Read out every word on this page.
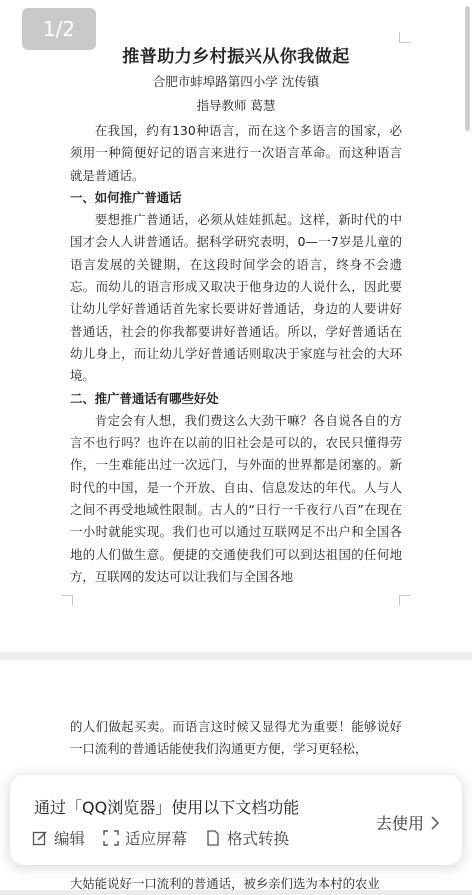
1/2
推普助力乡村振兴从你我做起
合肥市蚌埠路第四小学 沈传镇
指导教师 葛慧

在我国，约有130种语言，而在这个多语言的国家，必须用一种简便好记的语言来进行一次语言革命。而这种语言就是普通话。

一、如何推广普通话

要想推广普通话，必须从娃娃抓起。这样，新时代的中国才会人人讲普通话。据科学研究表明，0—一7岁是儿童的语言发展的关键期，在这段时间学会的语言，终身不会遗忘。而幼儿的语言形成又取决于他身边的人说什么，因此要让幼儿学好普通话首先家长要讲好普通话，身边的人要讲好普通话，社会的你我都要讲好普通话。所以，学好普通话在幼儿身上，而让幼儿学好普通话则取决于家庭与社会的大环境。

二、推广普通话有哪些好处

肯定会有人想，我们费这么大劲干嘛？各自说各自的方言不也行吗？也许在以前的旧社会是可以的，农民只懂得劳作，一生难能出过一次远门，与外面的世界都是闭塞的。新时代的中国，是一个开放、自由、信息发达的年代。人与人之间不再受地域性限制。古人的“日行一千夜行八百”在现在一小时就能实现。我们也可以通过互联网足不出户和全国各地的人们做生意。便捷的交通使我们可以到达祖国的任何地方，互联网的发达可以让我们与全国各地

的人们做起买卖。而语言这时候又显得尤为重要！能够说好一口流利的普通话能使我们沟通更方便，学习更轻松，

大姑能说好一口流利的普通话，被乡亲们选为本村的农业

通过「QQ浏览器」使用以下文档功能
编辑	适应屏幕	格式转换
去使用
